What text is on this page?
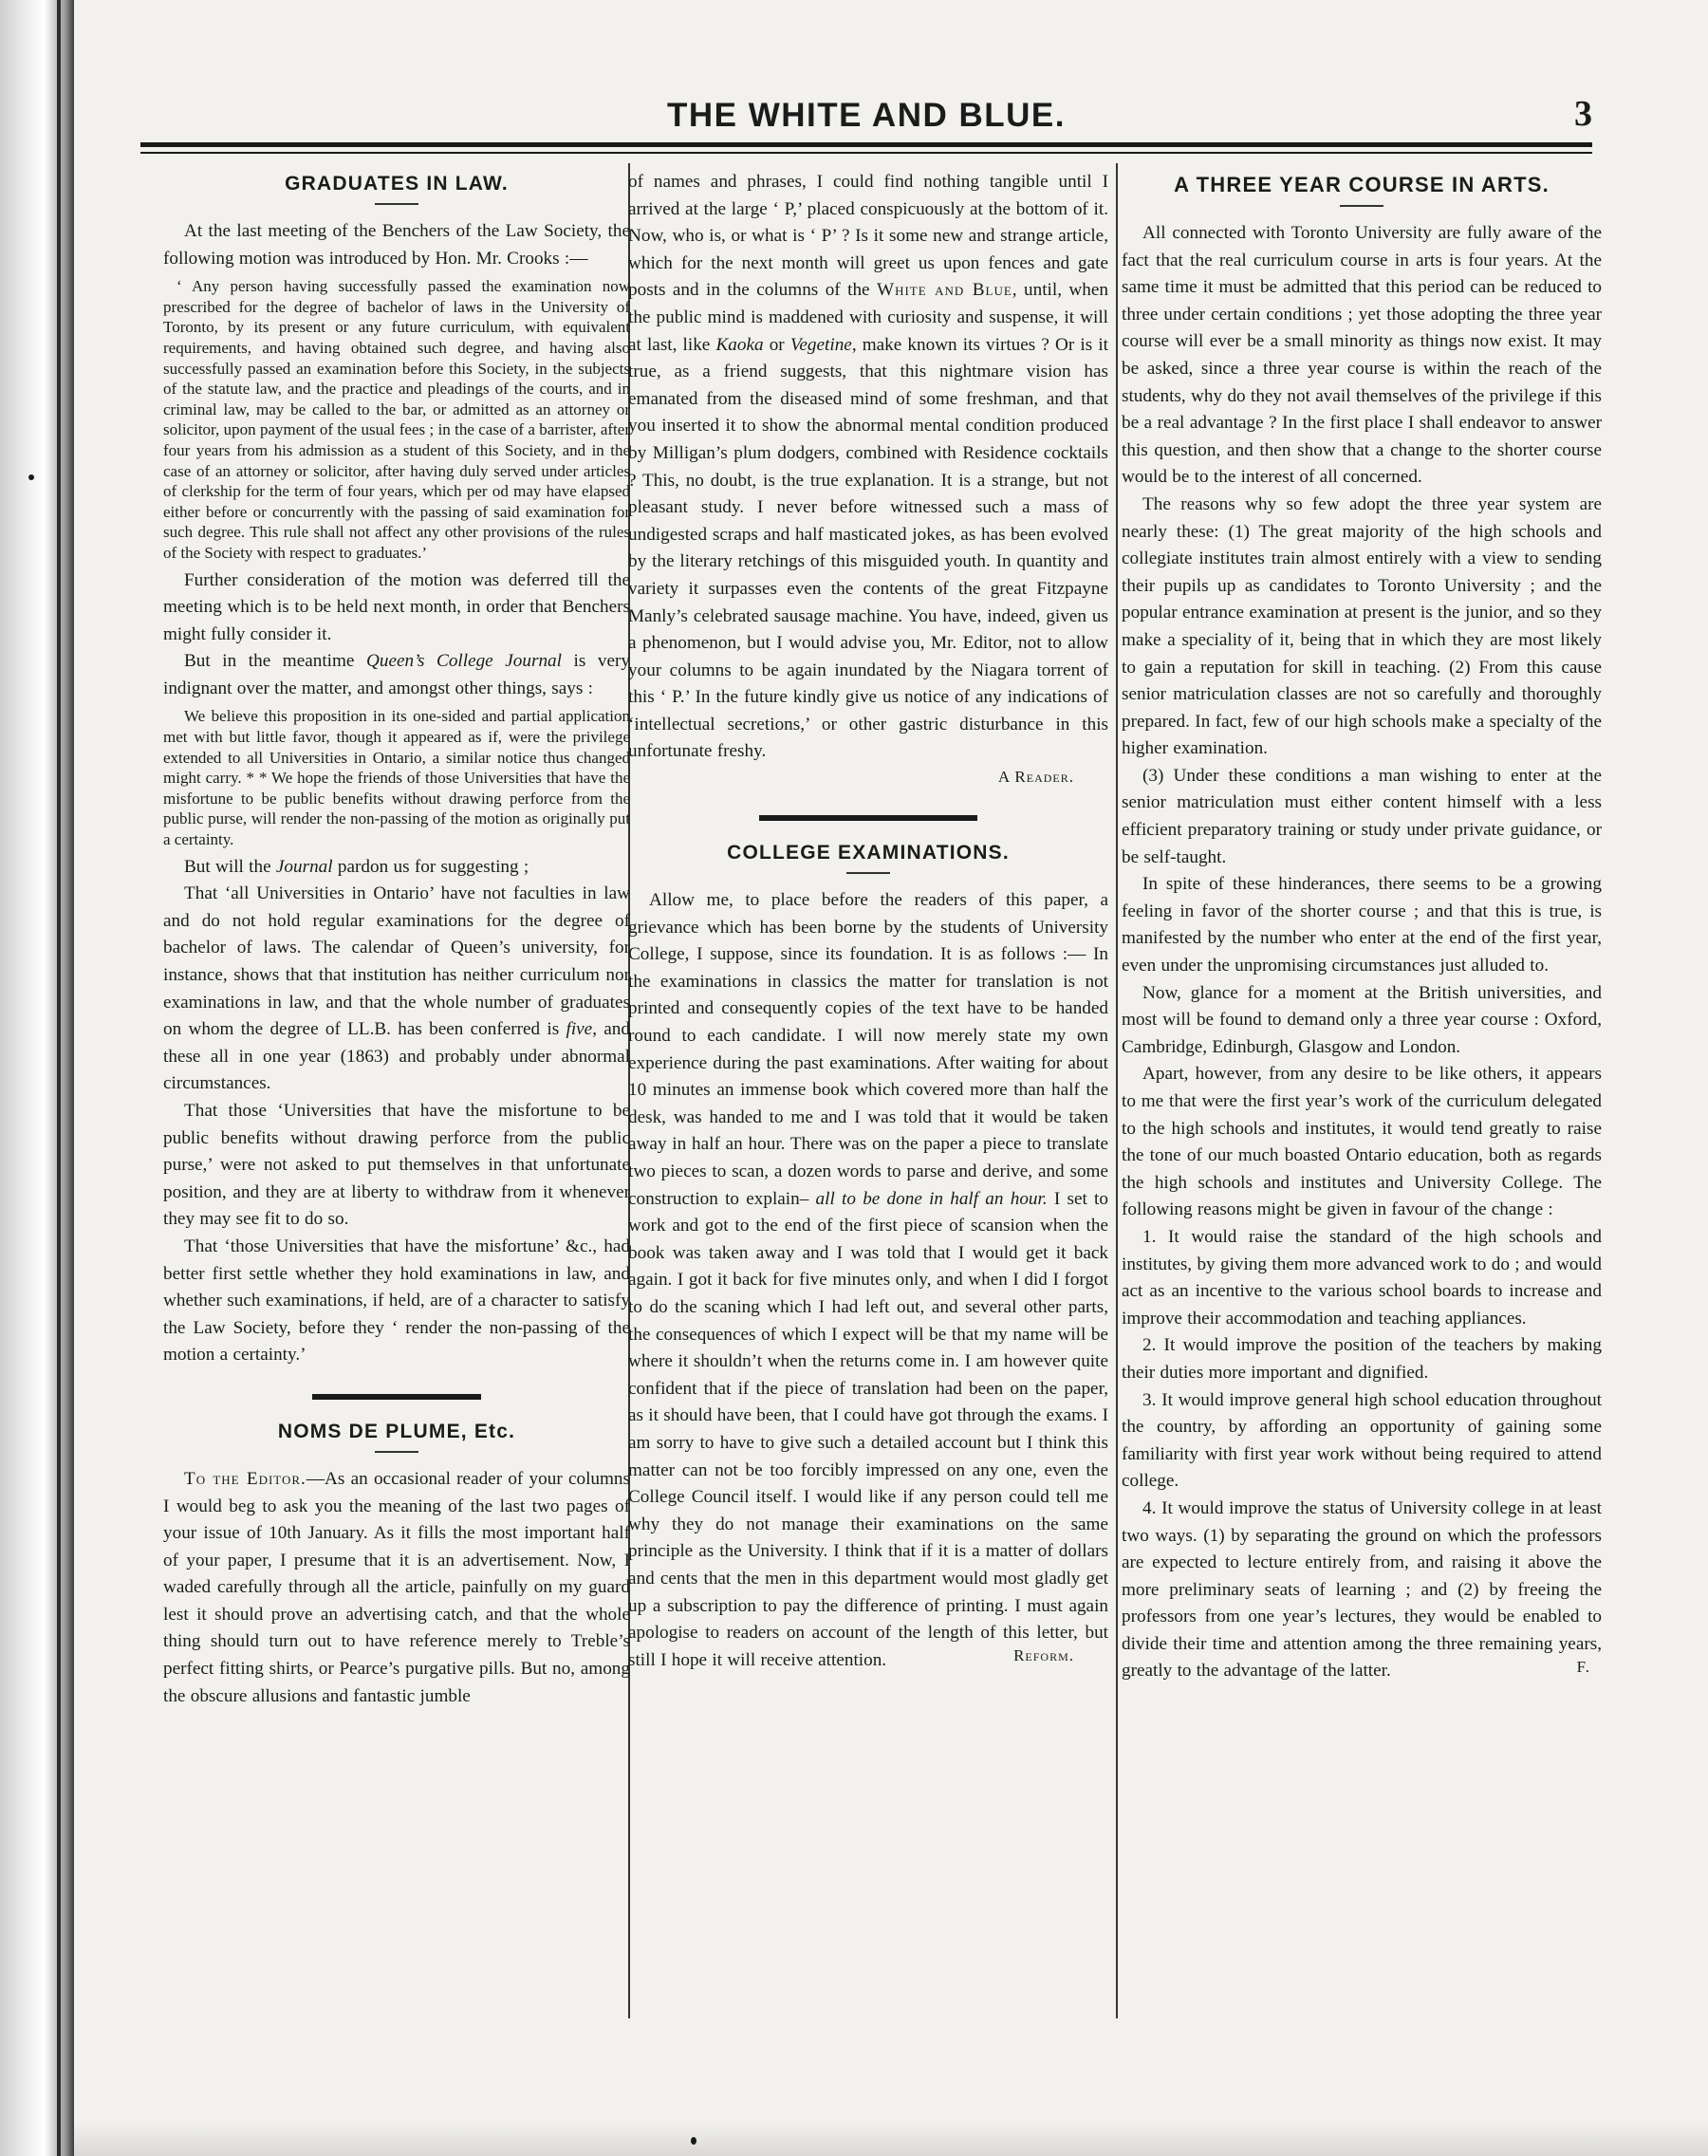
THE WHITE AND BLUE.	3
GRADUATES IN LAW.

At the last meeting of the Benchers of the Law Society, the following motion was introduced by Hon. Mr. Crooks :—

‘ Any person having successfully passed the examination now prescribed for the degree of bachelor of laws in the University of Toronto, by its present or any future curriculum, with equivalent requirements, and having obtained such degree, and having also successfully passed an examination before this Society, in the subjects of the statute law, and the practice and pleadings of the courts, and in criminal law, may be called to the bar, or admitted as an attorney or solicitor, upon payment of the usual fees ; in the case of a barrister, after four years from his admission as a student of this Society, and in the case of an attorney or solicitor, after having duly served under articles of clerkship for the term of four years, which per od may have elapsed either before or concurrently with the passing of said examination for such degree. This rule shall not affect any other provisions of the rules of the Society with respect to graduates.’

Further consideration of the motion was deferred till the meeting which is to be held next month, in order that Benchers might fully consider it.

But in the meantime Queen’s College Journal is very indignant over the matter, and amongst other things, says :

We believe this proposition in its one-sided and partial application met with but little favor, though it appeared as if, were the privilege extended to all Universities in Ontario, a similar notice thus changed might carry. * * We hope the friends of those Universities that have the misfortune to be public benefits without drawing perforce from the public purse, will render the non-passing of the motion as originally put a certainty.

But will the Journal pardon us for suggesting ;

That ‘all Universities in Ontario’ have not faculties in law and do not hold regular examinations for the degree of bachelor of laws. The calendar of Queen’s university, for instance, shows that that institution has neither curriculum nor examinations in law, and that the whole number of graduates on whom the degree of LL.B. has been conferred is five, and these all in one year (1863) and probably under abnormal circumstances.

That those ‘Universities that have the misfortune to be public benefits without drawing perforce from the public purse,’ were not asked to put themselves in that unfortunate position, and they are at liberty to withdraw from it whenever they may see fit to do so.

That ‘those Universities that have the misfortune’ &c., had better first settle whether they hold examinations in law, and whether such examinations, if held, are of a character to satisfy the Law Society, before they ‘ render the non-passing of the motion a certainty.’

NOMS DE PLUME, Etc.

To the Editor.—As an occasional reader of your columns I would beg to ask you the meaning of the last two pages of your issue of 10th January. As it fills the most important half of your paper, I presume that it is an advertisement. Now, I waded carefully through all the article, painfully on my guard lest it should prove an advertising catch, and that the whole thing should turn out to have reference merely to Treble’s perfect fitting shirts, or Pearce’s purgative pills. But no, among the obscure allusions and fantastic jumble

of names and phrases, I could find nothing tangible until I arrived at the large ‘ P,’ placed conspicuously at the bottom of it. Now, who is, or what is ‘ P’ ? Is it some new and strange article, which for the next month will greet us upon fences and gate posts and in the columns of the White and Blue, until, when the public mind is maddened with curiosity and suspense, it will at last, like Kaoka or Vegetine, make known its virtues ? Or is it true, as a friend suggests, that this nightmare vision has emanated from the diseased mind of some freshman, and that you inserted it to show the abnormal mental condition produced by Milligan’s plum dodgers, combined with Residence cocktails ? This, no doubt, is the true explanation. It is a strange, but not pleasant study. I never before witnessed such a mass of undigested scraps and half masticated jokes, as has been evolved by the literary retchings of this misguided youth. In quantity and variety it surpasses even the contents of the great Fitzpayne Manly’s celebrated sausage machine. You have, indeed, given us a phenomenon, but I would advise you, Mr. Editor, not to allow your columns to be again inundated by the Niagara torrent of this ‘ P.’ In the future kindly give us notice of any indications of ‘intellectual secretions,’ or other gastric disturbance in this unfortunate freshy.

A Reader.
COLLEGE EXAMINATIONS.

Allow me, to place before the readers of this paper, a grievance which has been borne by the students of University College, I suppose, since its foundation. It is as follows :— In the examinations in classics the matter for translation is not printed and consequently copies of the text have to be handed round to each candidate. I will now merely state my own experience during the past examinations. After waiting for about 10 minutes an immense book which covered more than half the desk, was handed to me and I was told that it would be taken away in half an hour. There was on the paper a piece to translate two pieces to scan, a dozen words to parse and derive, and some construction to explain– all to be done in half an hour. I set to work and got to the end of the first piece of scansion when the book was taken away and I was told that I would get it back again. I got it back for five minutes only, and when I did I forgot to do the scaning which I had left out, and several other parts, the consequences of which I expect will be that my name will be where it shouldn’t when the returns come in. I am however quite confident that if the piece of translation had been on the paper, as it should have been, that I could have got through the exams. I am sorry to have to give such a detailed account but I think this matter can not be too forcibly impressed on any one, even the College Council itself. I would like if any person could tell me why they do not manage their examinations on the same principle as the University. I think that if it is a matter of dollars and cents that the men in this department would most gladly get up a subscription to pay the difference of printing. I must again apologise to readers on account of the length of this letter, but still I hope it will receive attention.	Reform.
A THREE YEAR COURSE IN ARTS.

All connected with Toronto University are fully aware of the fact that the real curriculum course in arts is four years. At the same time it must be admitted that this period can be reduced to three under certain conditions ; yet those adopting the three year course will ever be a small minority as things now exist. It may be asked, since a three year course is within the reach of the students, why do they not avail themselves of the privilege if this be a real advantage ? In the first place I shall endeavor to answer this question, and then show that a change to the shorter course would be to the interest of all concerned.

The reasons why so few adopt the three year system are nearly these: (1) The great majority of the high schools and collegiate institutes train almost entirely with a view to sending their pupils up as candidates to Toronto University ; and the popular entrance examination at present is the junior, and so they make a speciality of it, being that in which they are most likely to gain a reputation for skill in teaching. (2) From this cause senior matriculation classes are not so carefully and thoroughly prepared. In fact, few of our high schools make a specialty of the higher examination.

(3) Under these conditions a man wishing to enter at the senior matriculation must either content himself with a less efficient preparatory training or study under private guidance, or be self-taught.

In spite of these hinderances, there seems to be a growing feeling in favor of the shorter course ; and that this is true, is manifested by the number who enter at the end of the first year, even under the unpromising circumstances just alluded to.

Now, glance for a moment at the British universities, and most will be found to demand only a three year course : Oxford, Cambridge, Edinburgh, Glasgow and London.

Apart, however, from any desire to be like others, it appears to me that were the first year’s work of the curriculum delegated to the high schools and institutes, it would tend greatly to raise the tone of our much boasted Ontario education, both as regards the high schools and institutes and University College. The following reasons might be given in favour of the change :

1. It would raise the standard of the high schools and institutes, by giving them more advanced work to do ; and would act as an incentive to the various school boards to increase and improve their accommodation and teaching appliances.

2. It would improve the position of the teachers by making their duties more important and dignified.

3. It would improve general high school education throughout the country, by affording an opportunity of gaining some familiarity with first year work without being required to attend college.

4. It would improve the status of University college in at least two ways. (1) by separating the ground on which the professors are expected to lecture entirely from, and raising it above the more preliminary seats of learning ; and (2) by freeing the professors from one year’s lectures, they would be enabled to divide their time and attention among the three remaining years, greatly to the advantage of the latter.	F.
